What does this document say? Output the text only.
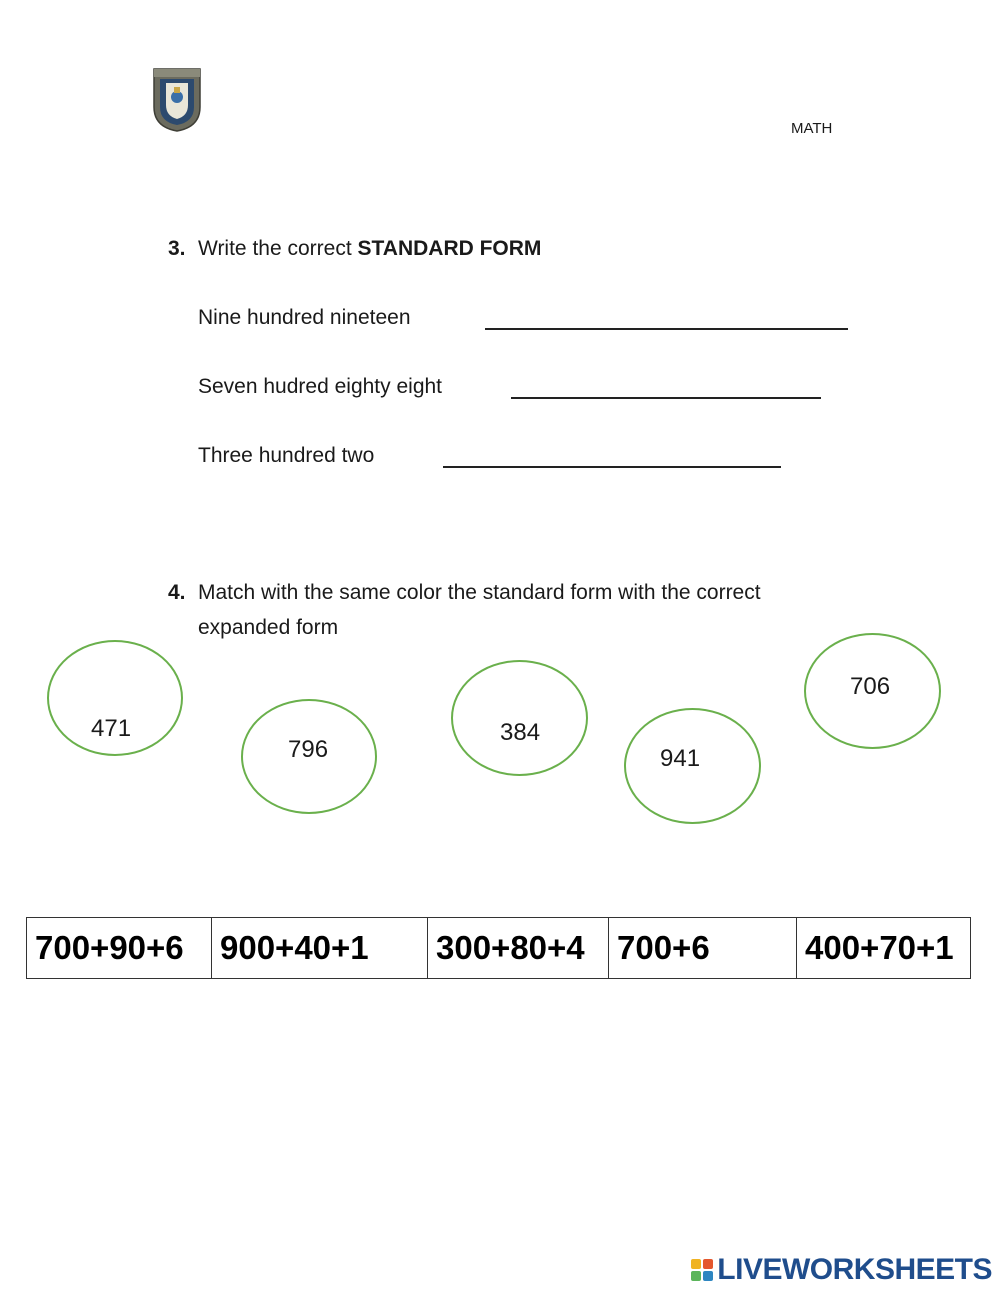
MATH
3. Write the correct STANDARD FORM
Nine hundred nineteen
Seven hudred eighty eight
Three hundred two
4. Match with the same color the standard form with the correct
expanded form
471
796
384
941
706
700+90+6	900+40+1	300+80+4	700+6	400+70+1
LIVEWORKSHEETS
